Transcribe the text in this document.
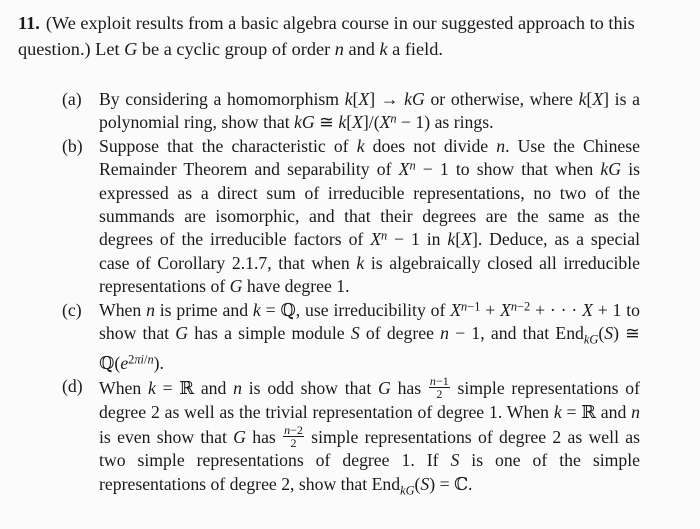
11. (We exploit results from a basic algebra course in our suggested approach to this question.) Let G be a cyclic group of order n and k a field.
(a) By considering a homomorphism k[X] → kG or otherwise, where k[X] is a polynomial ring, show that kG ≅ $k[X]/(X^n - 1)$ as rings.
(b) Suppose that the characteristic of k does not divide n. Use the Chinese Remainder Theorem and separability of $X^n - 1$ to show that when kG is expressed as a direct sum of irreducible representations, no two of the summands are isomorphic, and that their degrees are the same as the degrees of the irreducible factors of $X^n - 1$ in k[X]. Deduce, as a special case of Corollary 2.1.7, that when k is algebraically closed all irreducible representations of G have degree 1.
(c) When n is prime and k = ℚ, use irreducibility of $X^{n-1} + X^{n-2}$ + · · · X + 1 to show that G has a simple module S of degree n − 1, and that End$_{kG}$(S) ≅ $ℚ(e^{2\pi i/n})$.
(d) When k = ℝ and n is odd show that G has $\frac{n-1}{2}$ simple representations of degree 2 as well as the trivial representation of degree 1. When k = ℝ and n is even show that G has $\frac{n-2}{2}$ simple representations of degree 2 as well as two simple representations of degree 1. If S is one of the simple representations of degree 2, show that End$_{kG}$(S) = ℂ.
